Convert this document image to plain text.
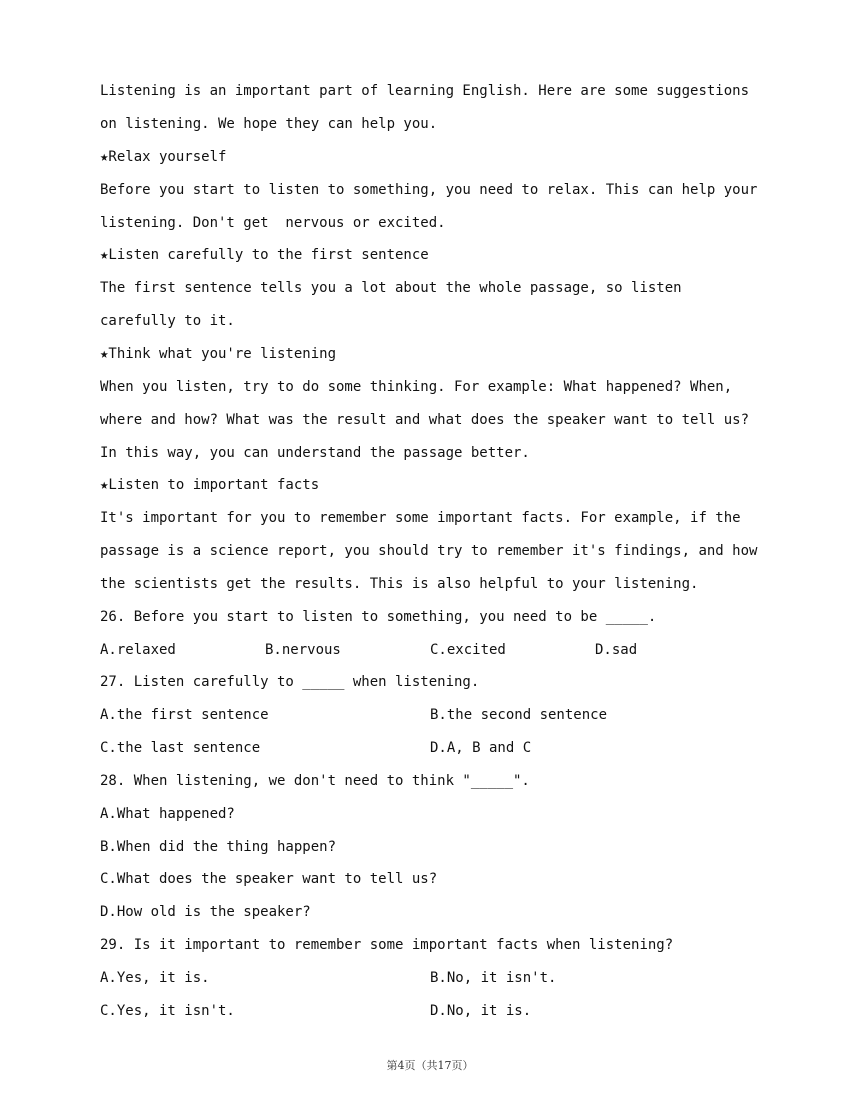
Listening is an important part of learning English. Here are some suggestions
on listening. We hope they can help you.
★Relax yourself
Before you start to listen to something, you need to relax. This can help your
listening. Don't get  nervous or excited.
★Listen carefully to the first sentence
The first sentence tells you a lot about the whole passage, so listen
carefully to it.
★Think what you're listening
When you listen, try to do some thinking. For example: What happened? When,
where and how? What was the result and what does the speaker want to tell us?
In this way, you can understand the passage better.
★Listen to important facts
It's important for you to remember some important facts. For example, if the
passage is a science report, you should try to remember it's findings, and how
the scientists get the results. This is also helpful to your listening.
26. Before you start to listen to something, you need to be _____.
A.relaxed	B.nervous	C.excited	D.sad
27. Listen carefully to _____ when listening.
A.the first sentence	B.the second sentence
C.the last sentence	D.A, B and C
28. When listening, we don't need to think "_____".
A.What happened?
B.When did the thing happen?
C.What does the speaker want to tell us?
D.How old is the speaker?
29. Is it important to remember some important facts when listening?
A.Yes, it is.	B.No, it isn't.
C.Yes, it isn't.	D.No, it is.
第4页（共17页）
